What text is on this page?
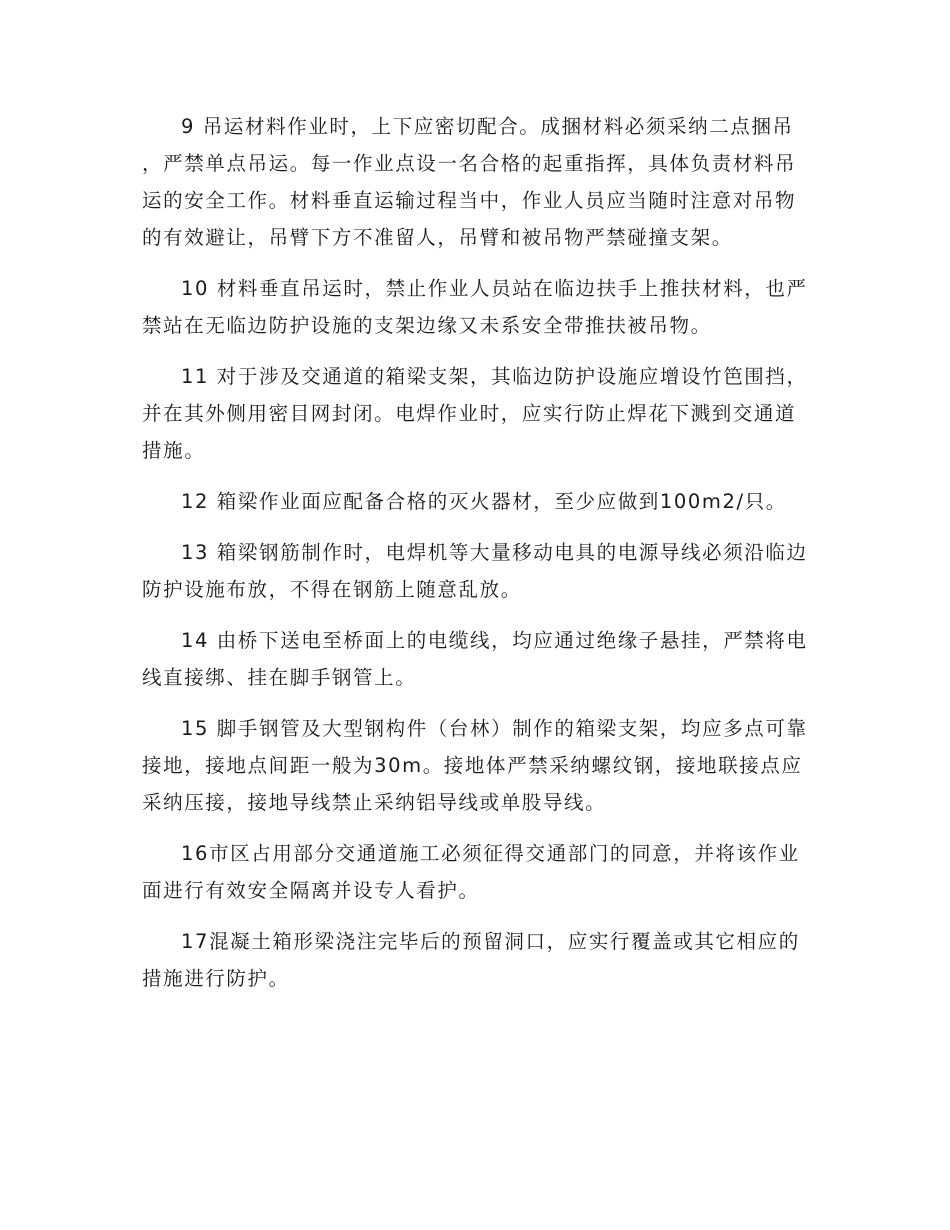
9 吊运材料作业时，上下应密切配合。成捆材料必须采纳二点捆吊，严禁单点吊运。每一作业点设一名合格的起重指挥，具体负责材料吊运的安全工作。材料垂直运输过程当中，作业人员应当随时注意对吊物的有效避让，吊臂下方不准留人，吊臂和被吊物严禁碰撞支架。

10 材料垂直吊运时，禁止作业人员站在临边扶手上推扶材料，也严禁站在无临边防护设施的支架边缘又未系安全带推扶被吊物。

11 对于涉及交通道的箱梁支架，其临边防护设施应增设竹笆围挡，并在其外侧用密目网封闭。电焊作业时，应实行防止焊花下溅到交通道措施。

12 箱梁作业面应配备合格的灭火器材，至少应做到100m2/只。

13 箱梁钢筋制作时，电焊机等大量移动电具的电源导线必须沿临边防护设施布放，不得在钢筋上随意乱放。

14 由桥下送电至桥面上的电缆线，均应通过绝缘子悬挂，严禁将电线直接绑、挂在脚手钢管上。

15 脚手钢管及大型钢构件（台林）制作的箱梁支架，均应多点可靠接地，接地点间距一般为30m。接地体严禁采纳螺纹钢，接地联接点应采纳压接，接地导线禁止采纳铝导线或单股导线。

16市区占用部分交通道施工必须征得交通部门的同意，并将该作业面进行有效安全隔离并设专人看护。

17混凝土箱形梁浇注完毕后的预留洞口，应实行覆盖或其它相应的措施进行防护。
